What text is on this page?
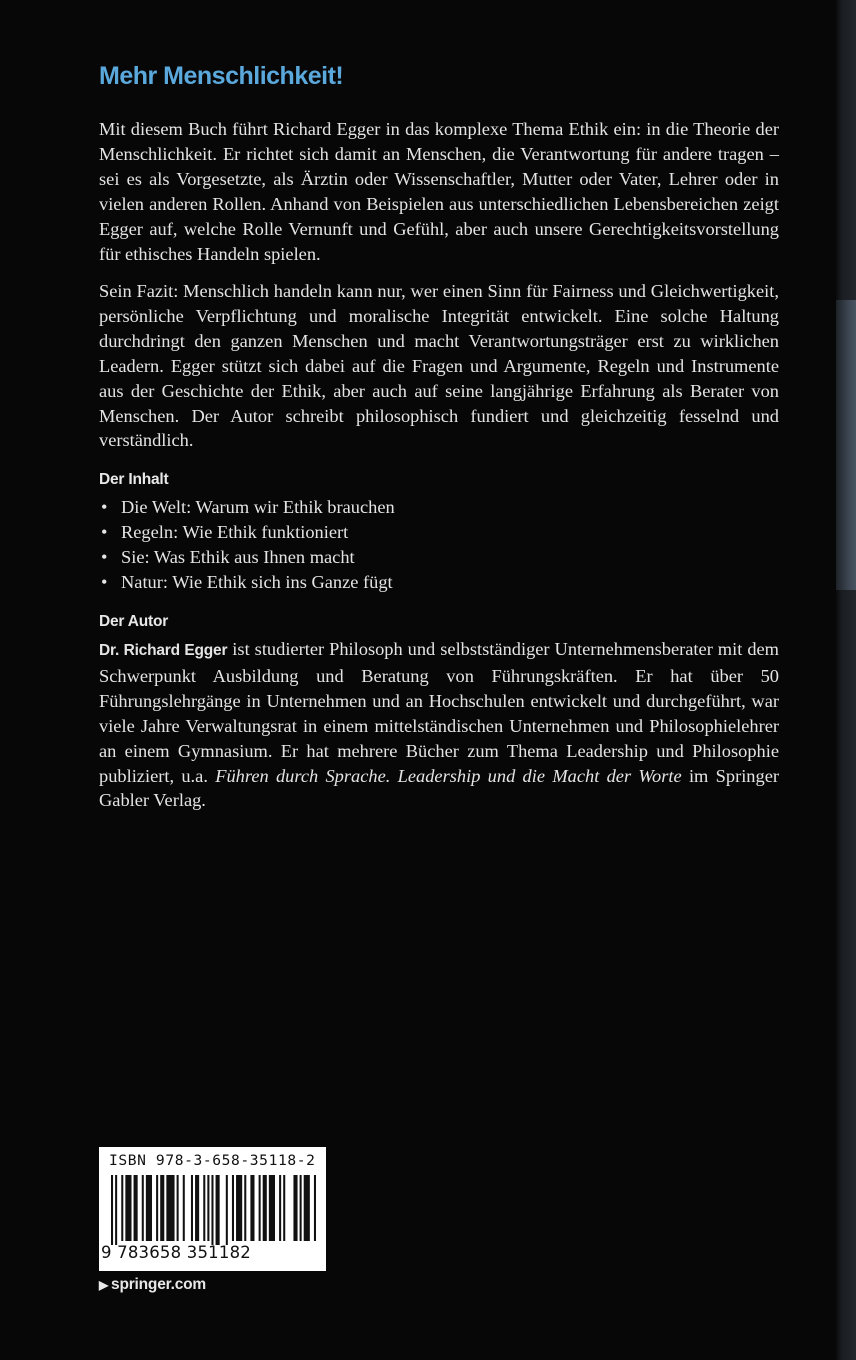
Mehr Menschlichkeit!
Mit diesem Buch führt Richard Egger in das komplexe Thema Ethik ein: in die Theorie der Menschlichkeit. Er richtet sich damit an Menschen, die Verantwortung für andere tragen – sei es als Vorgesetzte, als Ärztin oder Wissenschaftler, Mutter oder Vater, Lehrer oder in vielen anderen Rollen. Anhand von Beispielen aus unterschiedlichen Lebensbereichen zeigt Egger auf, welche Rolle Vernunft und Gefühl, aber auch unsere Gerechtigkeitsvorstellung für ethisches Handeln spielen.
Sein Fazit: Menschlich handeln kann nur, wer einen Sinn für Fairness und Gleichwertigkeit, persönliche Verpflichtung und moralische Integrität entwickelt. Eine solche Haltung durchdringt den ganzen Menschen und macht Verantwortungsträger erst zu wirklichen Leadern. Egger stützt sich dabei auf die Fragen und Argumente, Regeln und Instrumente aus der Geschichte der Ethik, aber auch auf seine langjährige Erfahrung als Berater von Menschen. Der Autor schreibt philosophisch fundiert und gleichzeitig fesselnd und verständlich.
Der Inhalt
• Die Welt: Warum wir Ethik brauchen
• Regeln: Wie Ethik funktioniert
• Sie: Was Ethik aus Ihnen macht
• Natur: Wie Ethik sich ins Ganze fügt
Der Autor
Dr. Richard Egger ist studierter Philosoph und selbstständiger Unternehmensberater mit dem Schwerpunkt Ausbildung und Beratung von Führungskräften. Er hat über 50 Führungslehrgänge in Unternehmen und an Hochschulen entwickelt und durchgeführt, war viele Jahre Verwaltungsrat in einem mittelständischen Unternehmen und Philosophielehrer an einem Gymnasium. Er hat mehrere Bücher zum Thema Leadership und Philosophie publiziert, u.a. Führen durch Sprache. Leadership und die Macht der Worte im Springer Gabler Verlag.
ISBN 978-3-658-35118-2
9 783658 351182
▶ springer.com
